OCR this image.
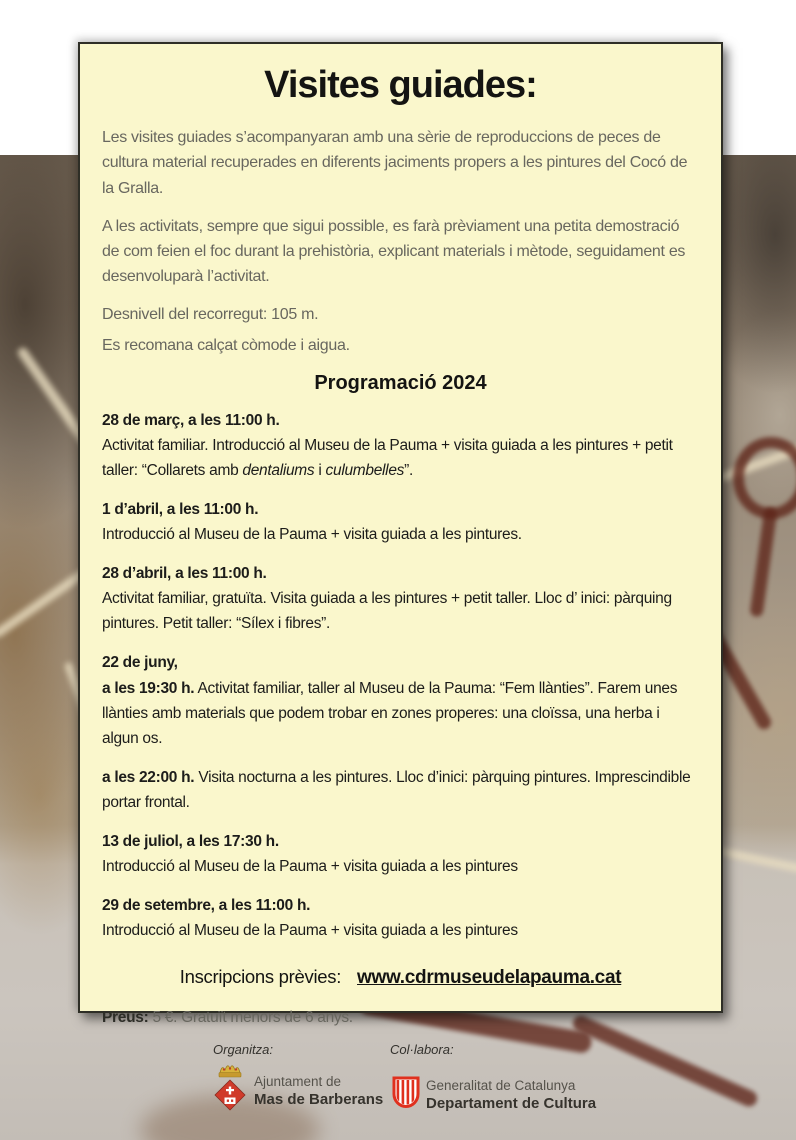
Visites guiades:

Les visites guiades s’acompanyaran amb una sèrie de reproduccions de peces de cultura material recuperades en diferents jaciments propers a les pintures del Cocó de la Gralla.

A les activitats, sempre que sigui possible, es farà prèviament una petita demostració de com feien el foc durant la prehistòria, explicant materials i mètode, seguidament es desenvoluparà l’activitat.

Desnivell del recorregut: 105 m.

Es recomana calçat còmode i aigua.

Programació 2024
28 de març, a les 11:00 h.
Activitat familiar. Introducció al Museu de la Pauma + visita guiada a les pintures + petit taller: “Collarets amb dentaliums i culumbelles”.
1 d’abril, a les 11:00 h.
Introducció al Museu de la Pauma + visita guiada a les pintures.
28 d’abril, a les 11:00 h.
Activitat familiar, gratuïta. Visita guiada a les pintures + petit taller. Lloc d’ inici: pàrquing pintures. Petit taller: “Sílex i fibres”.
22 de juny,
a les 19:30 h. Activitat familiar, taller al Museu de la Pauma: “Fem llànties”. Farem unes llànties amb materials que podem trobar en zones properes: una cloïssa, una herba i algun os.
a les 22:00 h. Visita nocturna a les pintures. Lloc d’inici: pàrquing pintures. Imprescindible portar frontal.
13 de juliol, a les 17:30 h.
Introducció al Museu de la Pauma + visita guiada a les pintures
29 de setembre, a les 11:00 h.
Introducció al Museu de la Pauma + visita guiada a les pintures
Inscripcions prèvies: www.cdrmuseudelapauma.cat
Preus: 5 €. Gratuït menors de 6 anys.
Organitza:	Col·labora:
Ajuntament de
Mas de Barberans
Generalitat de Catalunya
Departament de Cultura
